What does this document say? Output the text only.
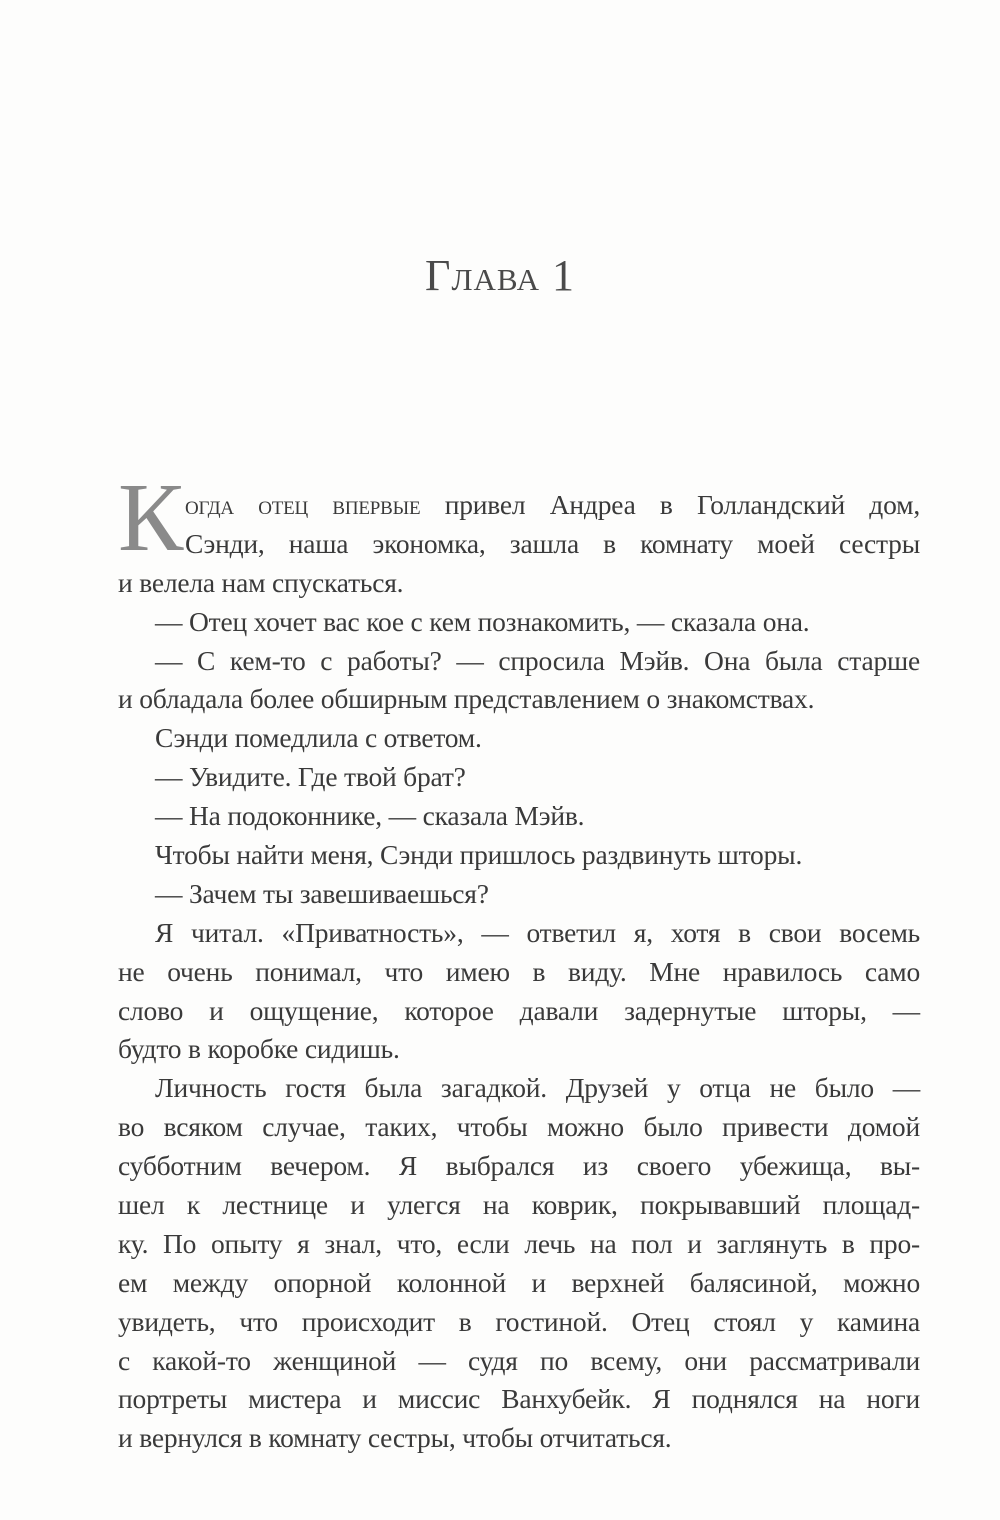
Глава 1
К огда отец впервые привел Андреа в Голландский дом,
Сэнди, наша экономка, зашла в комнату моей сестры
и велела нам спускаться.
— Отец хочет вас кое с кем познакомить, — сказала она.
— С кем-то с работы? — спросила Мэйв. Она была старше
и обладала более обширным представлением о знакомствах.
Сэнди помедлила с ответом.
— Увидите. Где твой брат?
— На подоконнике, — сказала Мэйв.
Чтобы найти меня, Сэнди пришлось раздвинуть шторы.
— Зачем ты завешиваешься?
Я читал. «Приватность», — ответил я, хотя в свои восемь
не очень понимал, что имею в виду. Мне нравилось само
слово и ощущение, которое давали задернутые шторы, —
будто в коробке сидишь.
Личность гостя была загадкой. Друзей у отца не было —
во всяком случае, таких, чтобы можно было привести домой
субботним вечером. Я выбрался из своего убежища, вы-
шел к лестнице и улегся на коврик, покрывавший площад-
ку. По опыту я знал, что, если лечь на пол и заглянуть в про-
ем между опорной колонной и верхней балясиной, можно
увидеть, что происходит в гостиной. Отец стоял у камина
с какой-то женщиной — судя по всему, они рассматривали
портреты мистера и миссис Ванхубейк. Я поднялся на ноги
и вернулся в комнату сестры, чтобы отчитаться.
